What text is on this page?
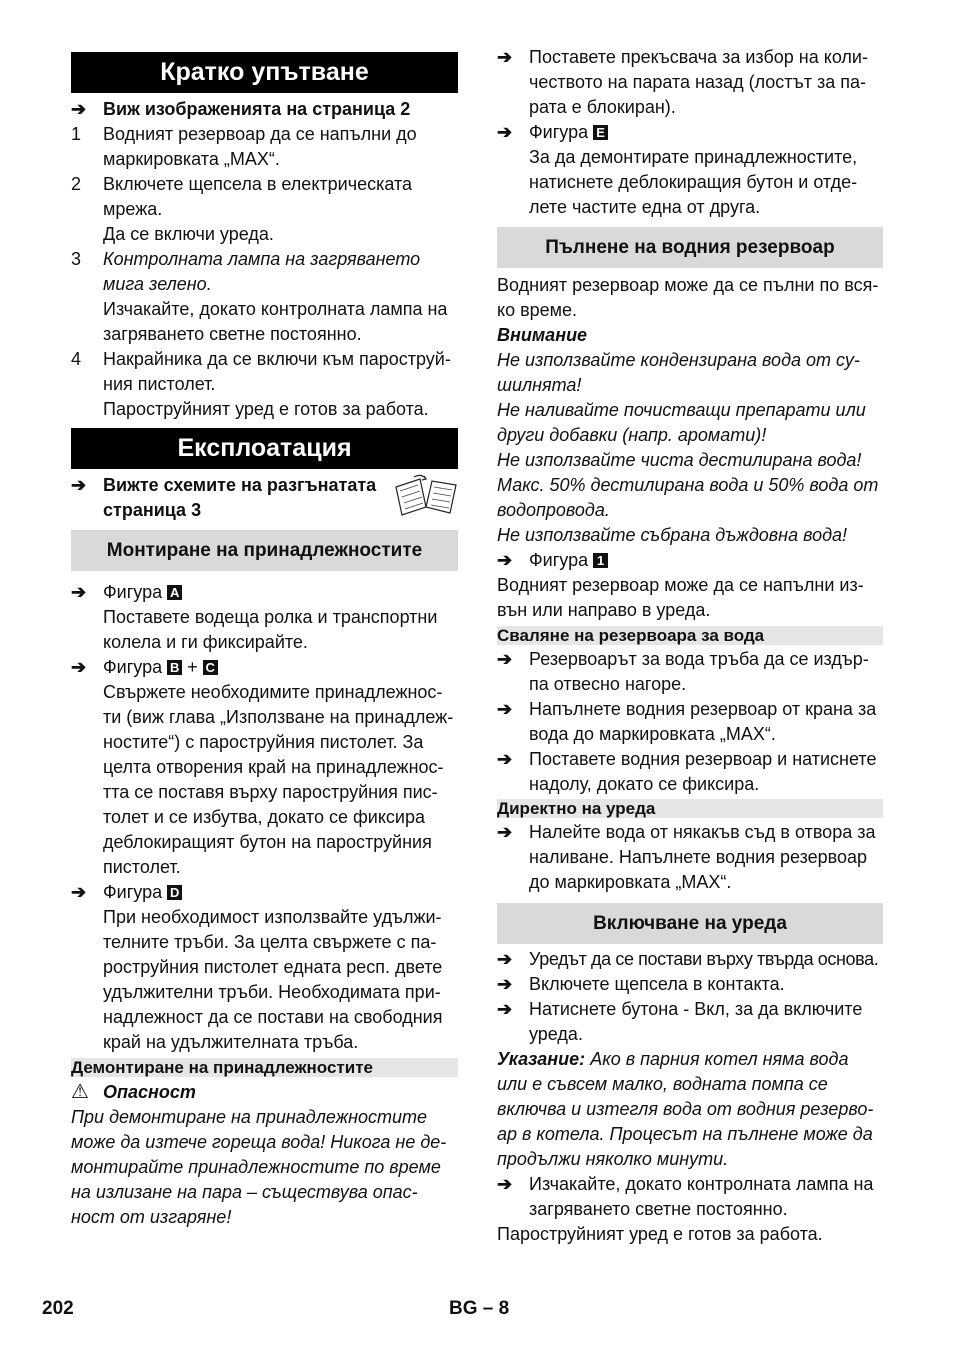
Кратко упътване
➔ Виж изображенията на страница 2
1	Водният резервоар да се напълни до
маркировката „MAX“.
2	Включете щепсела в електрическата
мрежа.
Да се включи уреда.
3	Контролната лампа на загряването
мига зелено.
Изчакайте, докато контролната лампа на
загряването светне постоянно.
4	Накрайника да се включи към пароструй-
ния пистолет.
Пароструйният уред е готов за работа.
Експлоатация
➔ Вижте схемите на разгънатата
страница 3
Монтиране на принадлежностите
➔ Фигура A
Поставете водеща ролка и транспортни
колела и ги фиксирайте.
➔ Фигура B + C
Свържете необходимите принадлежнос-
ти (виж глава „Използване на принадлеж-
ностите“) с пароструйния пистолет. За
целта отворения край на принадлежнос-
тта се поставя върху пароструйния пис-
толет и се избутва, докато се фиксира
деблокиращият бутон на пароструйния
пистолет.
➔ Фигура D
При необходимост използвайте удължи-
телните тръби. За целта свържете с па-
роструйния пистолет едната респ. двете
удължителни тръби. Необходимата при-
надлежност да се постави на свободния
край на удължителната тръба.
Демонтиране на принадлежностите
⚠ Опасност
При демонтиране на принадлежностите
може да изтече гореща вода! Никога не де-
монтирайте принадлежностите по време
на излизане на пара – съществува опас-
ност от изгаряне!
➔ Поставете прекъсвача за избор на коли-
чеството на парата назад (лостът за па-
рата е блокиран).
➔ Фигура E
За да демонтирате принадлежностите,
натиснете деблокиращия бутон и отде-
лете частите една от друга.
Пълнене на водния резервоар
Водният резервоар може да се пълни по вся-
ко време.
Внимание
Не използвайте кондензирана вода от су-
шилнята!
Не наливайте почистващи препарати или
други добавки (напр. аромати)!
Не използвайте чиста дестилирана вода!
Макс. 50% дестилирана вода и 50% вода от
водопровода.
Не използвайте събрана дъждовна вода!
➔ Фигура 1
Водният резервоар може да се напълни из-
вън или направо в уреда.
Сваляне на резервоара за вода
➔ Резервоарът за вода тръба да се издър-
па отвесно нагоре.
➔ Напълнете водния резервоар от крана за
вода до маркировката „MAX“.
➔ Поставете водния резервоар и натиснете
надолу, докато се фиксира.
Директно на уреда
➔ Налейте вода от някакъв съд в отвора за
наливане. Напълнете водния резервоар
до маркировката „MAX“.
Включване на уреда
➔ Уредът да се постави върху твърда основа.
➔ Включете щепсела в контакта.
➔ Натиснете бутона - Вкл, за да включите
уреда.
Указание: Ако в парния котел няма вода
или е съвсем малко, водната помпа се
включва и изтегля вода от водния резерво-
ар в котела. Процесът на пълнене може да
продължи няколко минути.
➔ Изчакайте, докато контролната лампа на
загряването светне постоянно.
Пароструйният уред е готов за работа.
202	BG – 8
